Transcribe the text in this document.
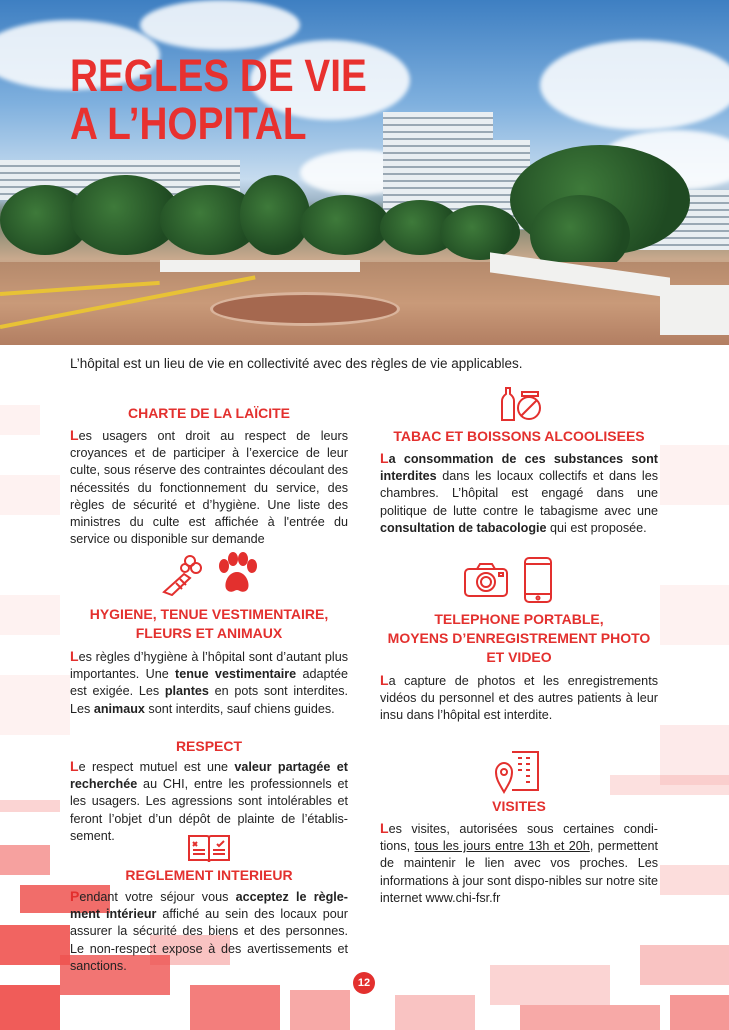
REGLES DE VIE
A L’HOPITAL
L’hôpital est un lieu de vie en collectivité avec des règles de vie applicables.
CHARTE DE LA LAÏCITE
Les usagers ont droit au respect de leurs croyances et de participer à l’exercice de leur culte, sous réserve des contraintes découlant des nécessités du fonctionnement du service, des règles de sécurité et d’hygiène. Une liste des ministres du culte est affichée à l'entrée du service ou disponible sur demande
HYGIENE, TENUE VESTIMENTAIRE,
FLEURS ET ANIMAUX
Les règles d’hygiène à l’hôpital sont d’autant plus importantes. Une tenue vestimentaire adaptée est exigée. Les plantes en pots sont interdites. Les animaux sont interdits, sauf chiens guides.
RESPECT
Le respect mutuel est une valeur partagée et recherchée au CHI, entre les professionnels et les usagers. Les agressions sont intolérables et feront l’objet d’un dépôt de plainte de l’établis-sement.
REGLEMENT INTERIEUR
Pendant votre séjour vous acceptez le règle-ment intérieur affiché au sein des locaux pour assurer la sécurité des biens et des personnes. Le non-respect expose à des avertissements et sanctions.
TABAC ET BOISSONS ALCOOLISEES
La consommation de ces substances sont interdites dans les locaux collectifs et dans les chambres. L’hôpital est engagé dans une politique de lutte contre le tabagisme avec une consultation de tabacologie qui est proposée.
TELEPHONE PORTABLE,
MOYENS D’ENREGISTREMENT PHOTO
ET VIDEO
La capture de photos et les enregistrements vidéos du personnel et des autres patients à leur insu dans l’hôpital est interdite.
VISITES
Les visites, autorisées sous certaines condi-tions, tous les jours entre 13h et 20h, permettent de maintenir le lien avec vos proches. Les informations à jour sont dispo-nibles sur notre site internet www.chi-fsr.fr
12
